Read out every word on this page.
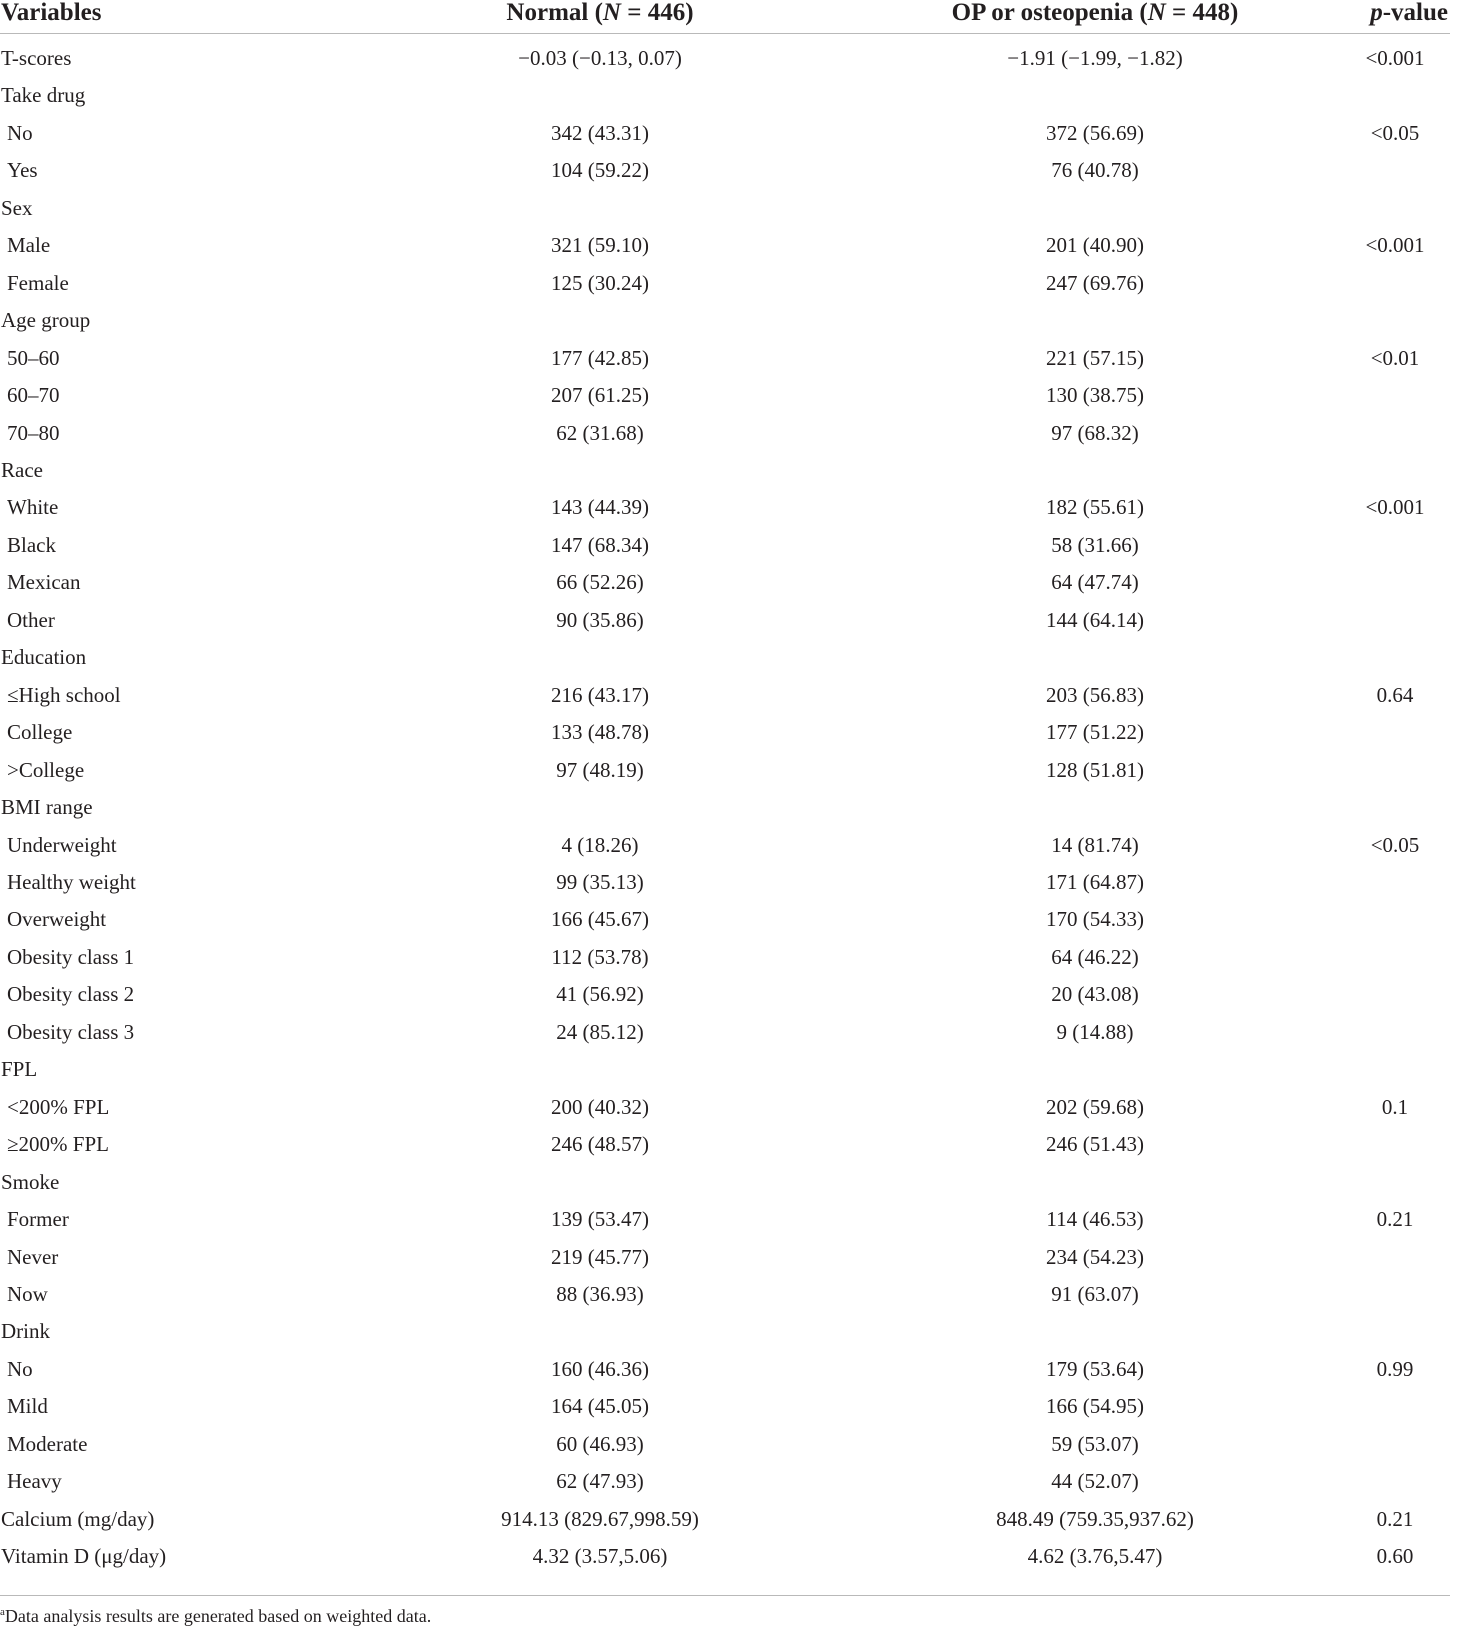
Variables	Normal (N = 446)	OP or osteopenia (N = 448)	p-value
T-scores	−0.03 (−0.13, 0.07)	−1.91 (−1.99, −1.82)	<0.001
Take drug			
No	342 (43.31)	372 (56.69)	<0.05
Yes	104 (59.22)	76 (40.78)	
Sex			
Male	321 (59.10)	201 (40.90)	<0.001
Female	125 (30.24)	247 (69.76)	
Age group			
50–60	177 (42.85)	221 (57.15)	<0.01
60–70	207 (61.25)	130 (38.75)	
70–80	62 (31.68)	97 (68.32)	
Race			
White	143 (44.39)	182 (55.61)	<0.001
Black	147 (68.34)	58 (31.66)	
Mexican	66 (52.26)	64 (47.74)	
Other	90 (35.86)	144 (64.14)	
Education			
≤High school	216 (43.17)	203 (56.83)	0.64
College	133 (48.78)	177 (51.22)	
>College	97 (48.19)	128 (51.81)	
BMI range			
Underweight	4 (18.26)	14 (81.74)	<0.05
Healthy weight	99 (35.13)	171 (64.87)	
Overweight	166 (45.67)	170 (54.33)	
Obesity class 1	112 (53.78)	64 (46.22)	
Obesity class 2	41 (56.92)	20 (43.08)	
Obesity class 3	24 (85.12)	9 (14.88)	
FPL			
<200% FPL	200 (40.32)	202 (59.68)	0.1
≥200% FPL	246 (48.57)	246 (51.43)	
Smoke			
Former	139 (53.47)	114 (46.53)	0.21
Never	219 (45.77)	234 (54.23)	
Now	88 (36.93)	91 (63.07)	
Drink			
No	160 (46.36)	179 (53.64)	0.99
Mild	164 (45.05)	166 (54.95)	
Moderate	60 (46.93)	59 (53.07)	
Heavy	62 (47.93)	44 (52.07)	
Calcium (mg/day)	914.13 (829.67,998.59)	848.49 (759.35,937.62)	0.21
Vitamin D (μg/day)	4.32 (3.57,5.06)	4.62 (3.76,5.47)	0.60
$^a$Data analysis results are generated based on weighted data.
